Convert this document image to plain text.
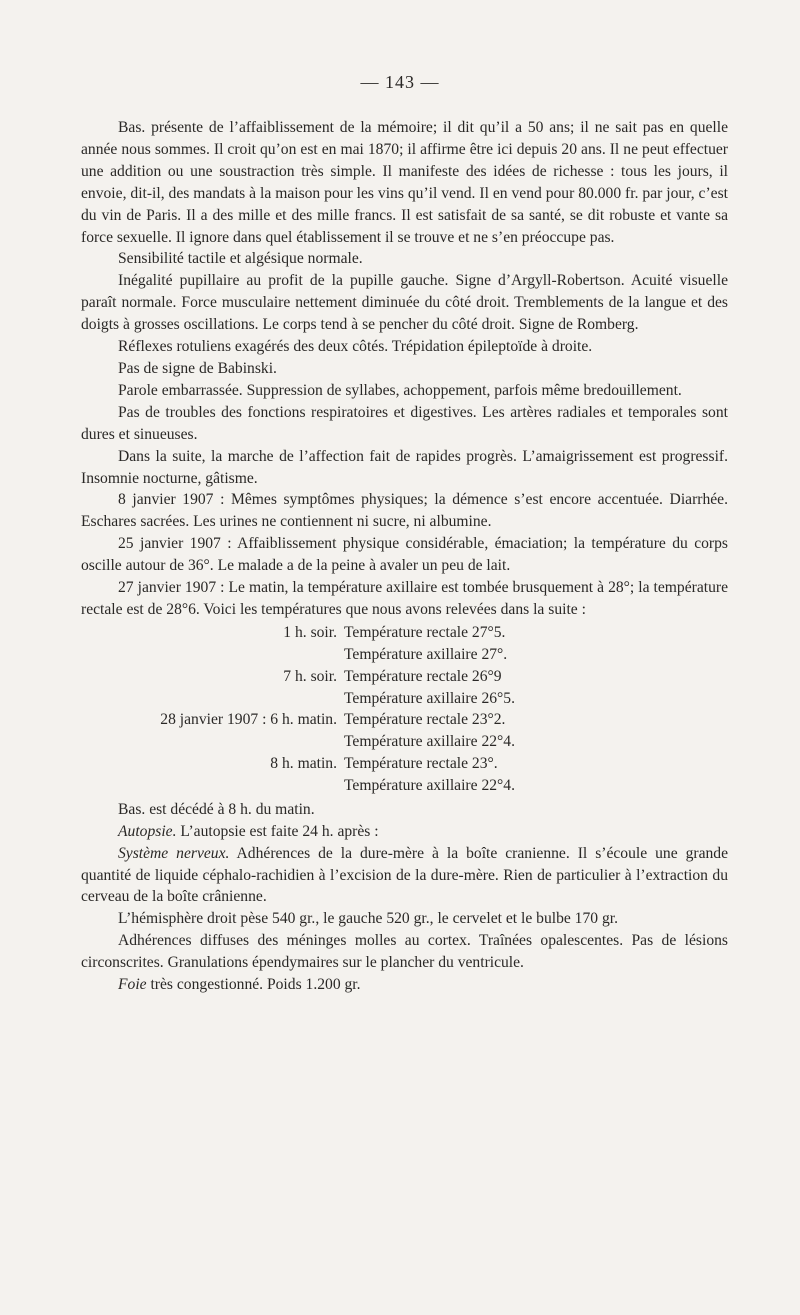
— 143 —

Bas. présente de l’affaiblissement de la mémoire; il dit qu’il a 50 ans; il ne sait pas en quelle année nous sommes. Il croit qu’on est en mai 1870; il affirme être ici depuis 20 ans. Il ne peut effectuer une addition ou une soustraction très simple. Il manifeste des idées de richesse : tous les jours, il envoie, dit-il, des mandats à la maison pour les vins qu’il vend. Il en vend pour 80.000 fr. par jour, c’est du vin de Paris. Il a des mille et des mille francs. Il est satisfait de sa santé, se dit robuste et vante sa force sexuelle. Il ignore dans quel établissement il se trouve et ne s’en préoccupe pas.

Sensibilité tactile et algésique normale.

Inégalité pupillaire au profit de la pupille gauche. Signe d’Argyll-Robertson. Acuité visuelle paraît normale. Force musculaire nettement diminuée du côté droit. Tremblements de la langue et des doigts à grosses oscillations. Le corps tend à se pencher du côté droit. Signe de Romberg.

Réflexes rotuliens exagérés des deux côtés. Trépidation épileptoïde à droite.

Pas de signe de Babinski.

Parole embarrassée. Suppression de syllabes, achoppement, parfois même bredouillement.

Pas de troubles des fonctions respiratoires et digestives. Les artères radiales et temporales sont dures et sinueuses.

Dans la suite, la marche de l’affection fait de rapides progrès. L’amaigrissement est progressif. Insomnie nocturne, gâtisme.

8 janvier 1907 : Mêmes symptômes physiques; la démence s’est encore accentuée. Diarrhée. Eschares sacrées. Les urines ne contiennent ni sucre, ni albumine.

25 janvier 1907 : Affaiblissement physique considérable, émaciation; la température du corps oscille autour de 36°. Le malade a de la peine à avaler un peu de lait.

27 janvier 1907 : Le matin, la température axillaire est tombée brusquement à 28°; la température rectale est de 28°6. Voici les températures que nous avons relevées dans la suite :

1 h. soir. Température rectale 27°5.
Température axillaire 27°.
7 h. soir. Température rectale 26°9
Température axillaire 26°5.
28 janvier 1907 : 6 h. matin. Température rectale 23°2.
Température axillaire 22°4.
8 h. matin. Température rectale 23°.
Température axillaire 22°4.

Bas. est décédé à 8 h. du matin.

Autopsie. L’autopsie est faite 24 h. après :

Système nerveux. Adhérences de la dure-mère à la boîte cranienne. Il s’écoule une grande quantité de liquide céphalo-rachidien à l’excision de la dure-mère. Rien de particulier à l’extraction du cerveau de la boîte crânienne.

L’hémisphère droit pèse 540 gr., le gauche 520 gr., le cervelet et le bulbe 170 gr.

Adhérences diffuses des méninges molles au cortex. Traînées opalescentes. Pas de lésions circonscrites. Granulations épendymaires sur le plancher du ventricule.

Foie très congestionné. Poids 1.200 gr.
